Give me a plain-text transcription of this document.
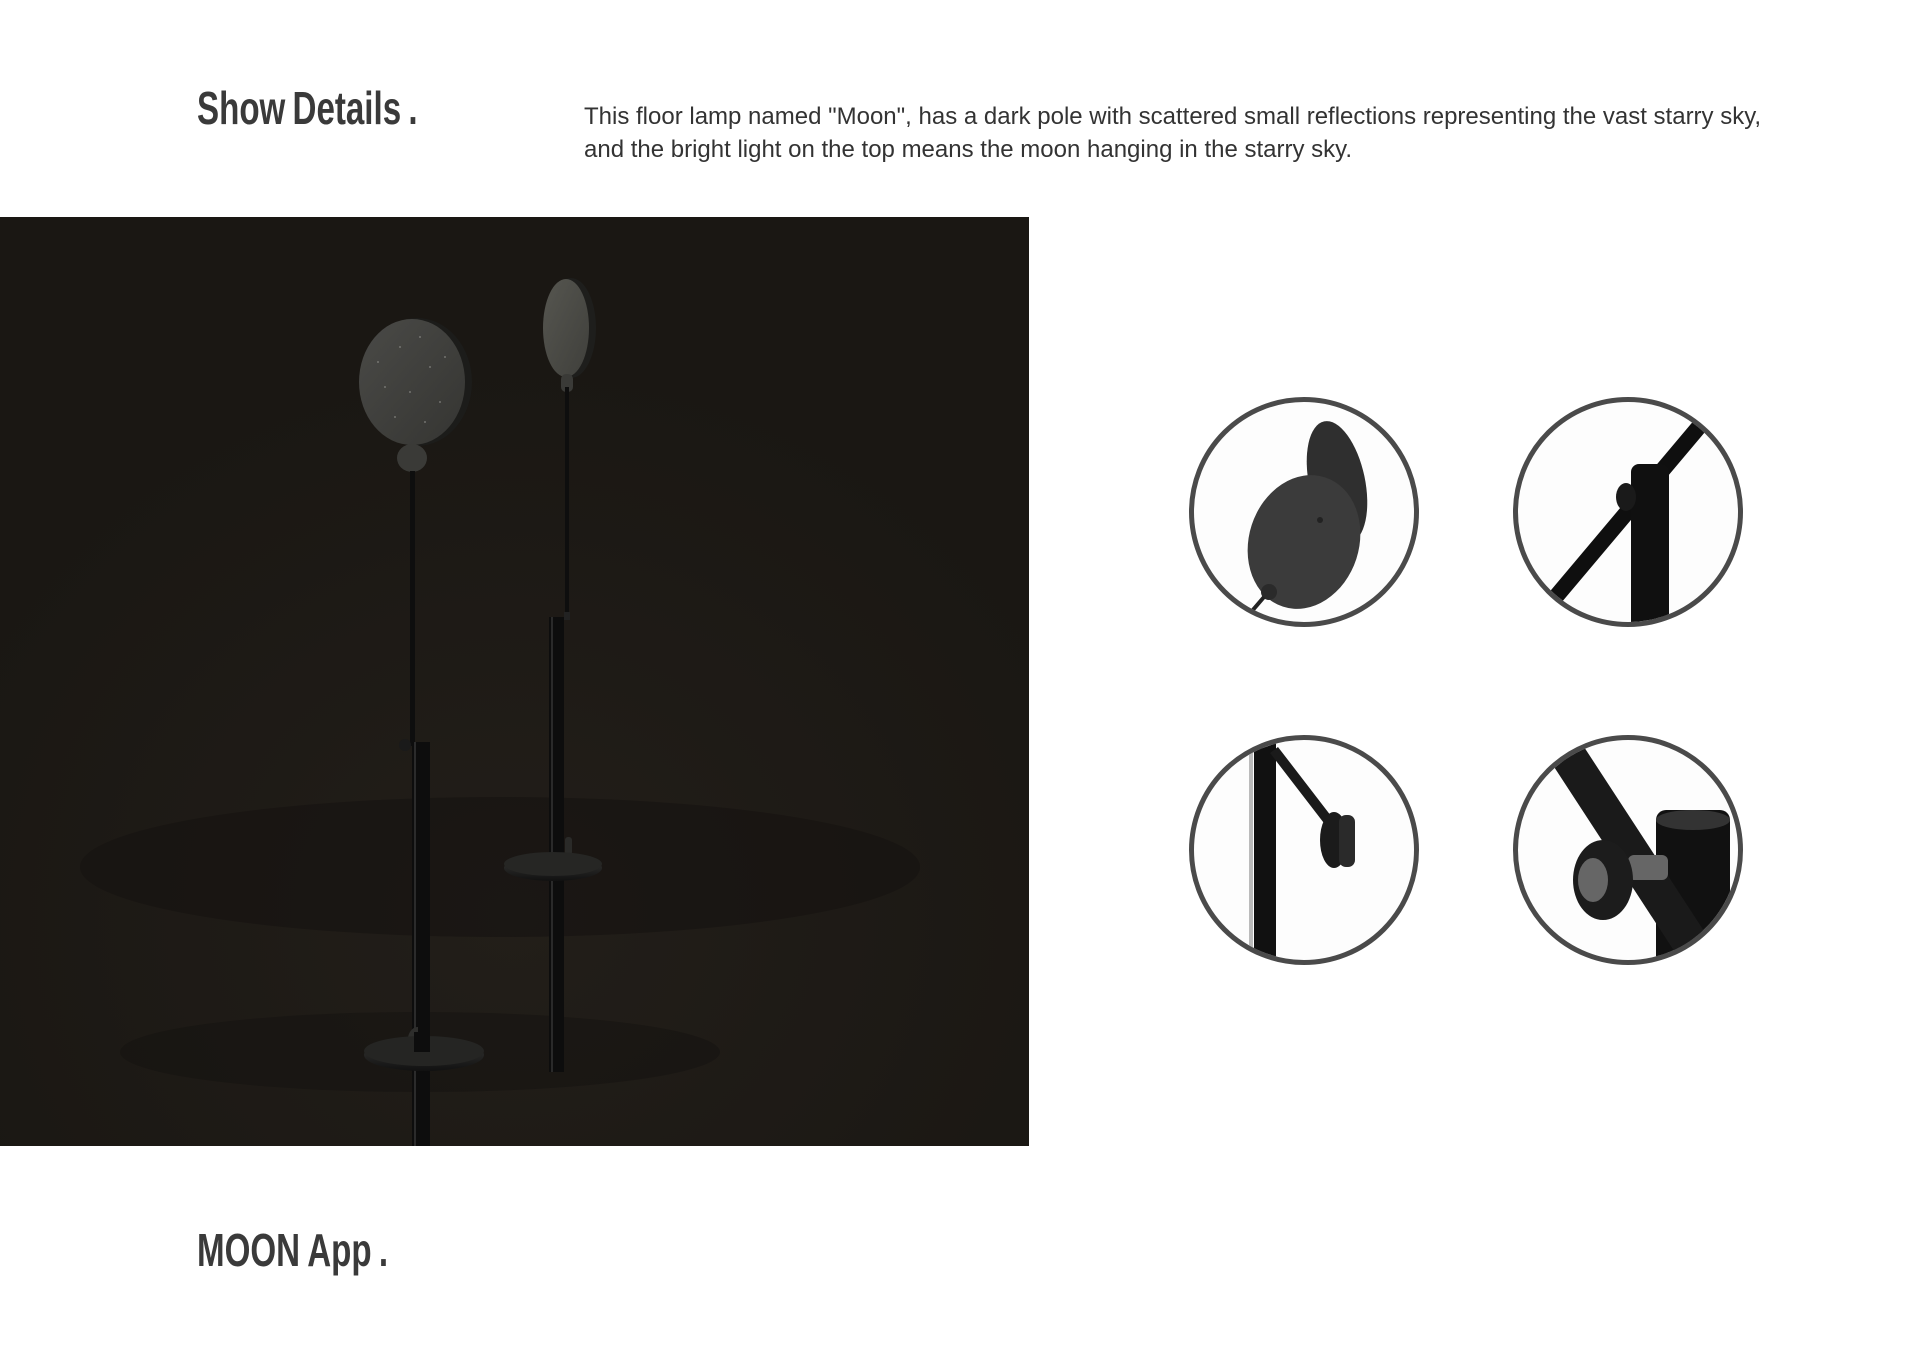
Show Details .	This floor lamp named "Moon", has a dark pole with scattered small reflections representing the vast starry sky, and the bright light on the top means the moon hanging in the starry sky.

MOON App .
